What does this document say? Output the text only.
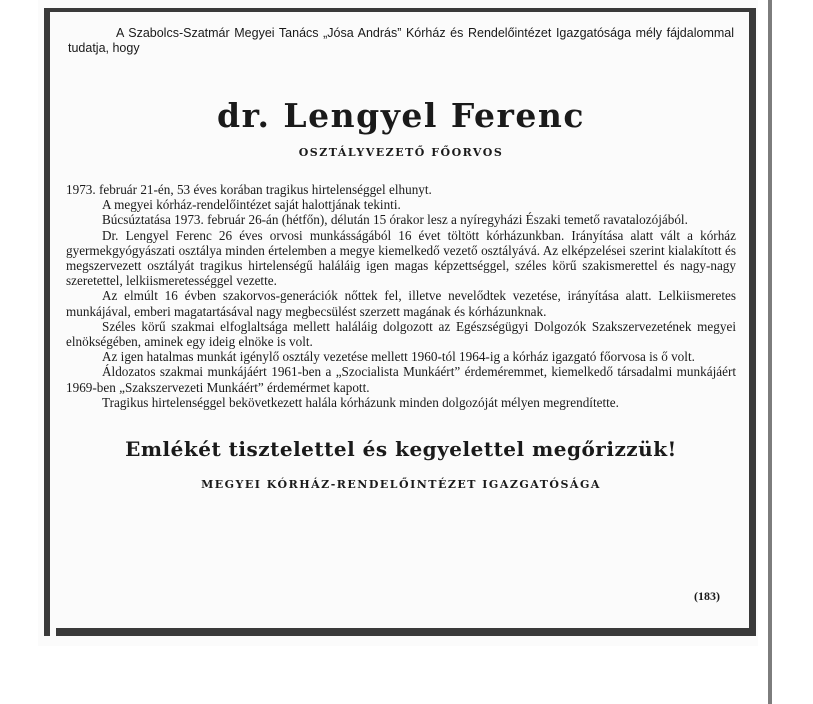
A Szabolcs-Szatmár Megyei Tanács „Jósa András” Kórház és Rendelőintézet Igazgatósága mély fájdalommal tudatja, hogy
dr. Lengyel Ferenc
OSZTÁLYVEZETŐ FŐORVOS

1973. február 21-én, 53 éves korában tragikus hirtelenséggel elhunyt.

A megyei kórház-rendelőintézet saját halottjának tekinti.

Búcsúztatása 1973. február 26-án (hétfőn), délután 15 órakor lesz a nyíregyházi Északi temető ravatalozójából.

Dr. Lengyel Ferenc 26 éves orvosi munkásságából 16 évet töltött kórházunkban. Irányítása alatt vált a kórház gyermekgyógyászati osztálya minden értelemben a megye kiemelkedő vezető osztályává. Az elképzelései szerint kialakított és megszervezett osztályát tragikus hirtelenségű haláláig igen magas képzettséggel, széles körű szakismerettel és nagy-nagy szeretettel, lelkiismeretességgel vezette.

Az elmúlt 16 évben szakorvos-generációk nőttek fel, illetve nevelődtek vezetése, irányítása alatt. Lelkiismeretes munkájával, emberi magatartásával nagy megbecsülést szerzett magának és kórházunknak.

Széles körű szakmai elfoglaltsága mellett haláláig dolgozott az Egészségügyi Dolgozók Szakszervezetének megyei elnökségében, aminek egy ideig elnöke is volt.

Az igen hatalmas munkát igénylő osztály vezetése mellett 1960-tól 1964-ig a kórház igazgató főorvosa is ő volt.

Áldozatos szakmai munkájáért 1961-ben a „Szocialista Munkáért” érdeméremmet, kiemelkedő társadalmi munkájáért 1969-ben „Szakszervezeti Munkáért” érdemérmet kapott.

Tragikus hirtelenséggel bekövetkezett halála kórházunk minden dolgozóját mélyen megrendítette.

Emlékét tisztelettel és kegyelettel megőrizzük!
MEGYEI KÓRHÁZ-RENDELŐINTÉZET IGAZGATÓSÁGA
(183)
